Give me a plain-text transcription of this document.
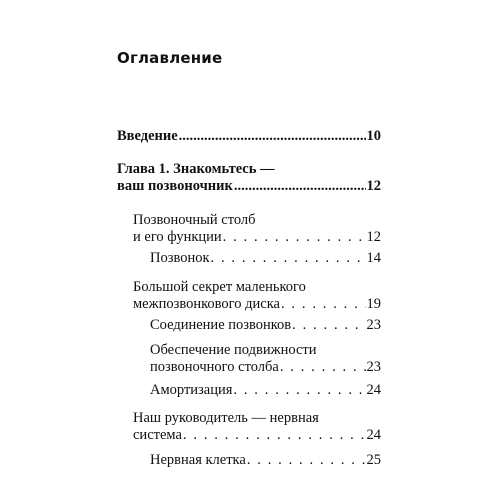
Оглавление
Введение .....	10
Глава 1. Знакомьтесь —
ваш позвоночник .....	12
Позвоночный столб
и его функции . . .	12
Позвонок . . .	14
Большой секрет маленького
межпозвонкового диска . . .	19
Соединение позвонков . . .	23
Обеспечение подвижности
позвоночного столба . . .	23
Амортизация . . .	24
Наш руководитель — нервная
система . . .	24
Нервная клетка . . .	25
